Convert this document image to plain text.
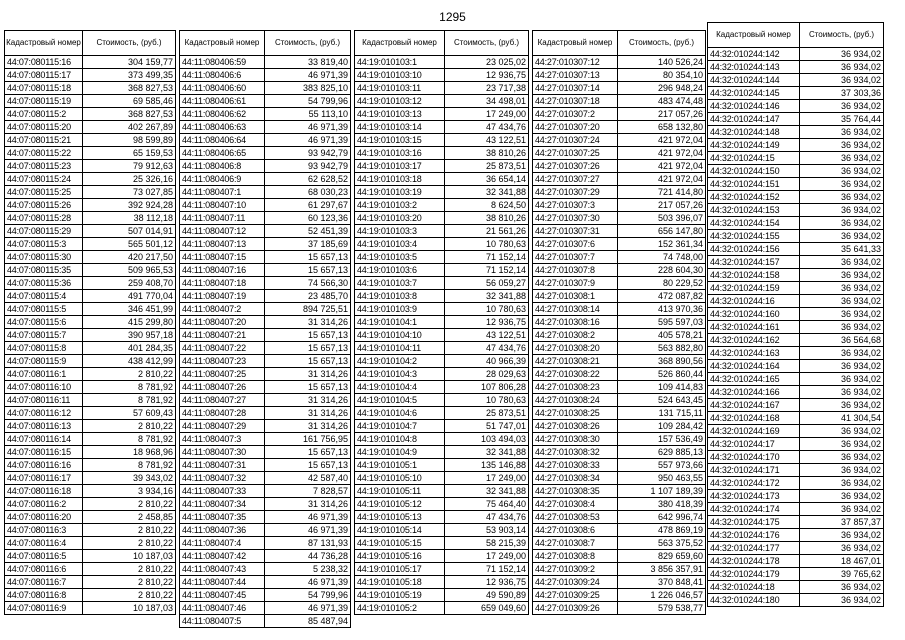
1295
Кадастровый номер	Стоимость, (руб.)
44:07:080115:16	304 159,77
44:07:080115:17	373 499,35
44:07:080115:18	368 827,53
44:07:080115:19	69 585,46
44:07:080115:2	368 827,53
44:07:080115:20	402 267,89
44:07:080115:21	98 599,89
44:07:080115:22	65 159,53
44:07:080115:23	79 912,63
44:07:080115:24	25 326,16
44:07:080115:25	73 027,85
44:07:080115:26	392 924,28
44:07:080115:28	38 112,18
44:07:080115:29	507 014,91
44:07:080115:3	565 501,12
44:07:080115:30	420 217,50
44:07:080115:35	509 965,53
44:07:080115:36	259 408,70
44:07:080115:4	491 770,04
44:07:080115:5	346 451,99
44:07:080115:6	415 299,80
44:07:080115:7	390 957,18
44:07:080115:8	401 284,35
44:07:080115:9	438 412,99
44:07:080116:1	2 810,22
44:07:080116:10	8 781,92
44:07:080116:11	8 781,92
44:07:080116:12	57 609,43
44:07:080116:13	2 810,22
44:07:080116:14	8 781,92
44:07:080116:15	18 968,96
44:07:080116:16	8 781,92
44:07:080116:17	39 343,02
44:07:080116:18	3 934,16
44:07:080116:2	2 810,22
44:07:080116:20	2 458,85
44:07:080116:3	2 810,22
44:07:080116:4	2 810,22
44:07:080116:5	10 187,03
44:07:080116:6	2 810,22
44:07:080116:7	2 810,22
44:07:080116:8	2 810,22
44:07:080116:9	10 187,03
Кадастровый номер	Стоимость, (руб.)
44:11:080406:59	33 819,40
44:11:080406:6	46 971,39
44:11:080406:60	383 825,10
44:11:080406:61	54 799,96
44:11:080406:62	55 113,10
44:11:080406:63	46 971,39
44:11:080406:64	46 971,39
44:11:080406:65	93 942,79
44:11:080406:8	93 942,79
44:11:080406:9	62 628,52
44:11:080407:1	68 030,23
44:11:080407:10	61 297,67
44:11:080407:11	60 123,36
44:11:080407:12	52 451,39
44:11:080407:13	37 185,69
44:11:080407:15	15 657,13
44:11:080407:16	15 657,13
44:11:080407:18	74 566,30
44:11:080407:19	23 485,70
44:11:080407:2	894 725,51
44:11:080407:20	31 314,26
44:11:080407:21	15 657,13
44:11:080407:22	15 657,13
44:11:080407:23	15 657,13
44:11:080407:25	31 314,26
44:11:080407:26	15 657,13
44:11:080407:27	31 314,26
44:11:080407:28	31 314,26
44:11:080407:29	31 314,26
44:11:080407:3	161 756,95
44:11:080407:30	15 657,13
44:11:080407:31	15 657,13
44:11:080407:32	42 587,40
44:11:080407:33	7 828,57
44:11:080407:34	31 314,26
44:11:080407:35	46 971,39
44:11:080407:36	46 971,39
44:11:080407:4	87 131,93
44:11:080407:42	44 736,28
44:11:080407:43	5 238,32
44:11:080407:44	46 971,39
44:11:080407:45	54 799,96
44:11:080407:46	46 971,39
44:11:080407:5	85 487,94
Кадастровый номер	Стоимость, (руб.)
44:19:010103:1	23 025,02
44:19:010103:10	12 936,75
44:19:010103:11	23 717,38
44:19:010103:12	34 498,01
44:19:010103:13	17 249,00
44:19:010103:14	47 434,76
44:19:010103:15	43 122,51
44:19:010103:16	38 810,26
44:19:010103:17	25 873,51
44:19:010103:18	36 654,14
44:19:010103:19	32 341,88
44:19:010103:2	8 624,50
44:19:010103:20	38 810,26
44:19:010103:3	21 561,26
44:19:010103:4	10 780,63
44:19:010103:5	71 152,14
44:19:010103:6	71 152,14
44:19:010103:7	56 059,27
44:19:010103:8	32 341,88
44:19:010103:9	10 780,63
44:19:010104:1	12 936,75
44:19:010104:10	43 122,51
44:19:010104:11	47 434,76
44:19:010104:2	40 966,39
44:19:010104:3	28 029,63
44:19:010104:4	107 806,28
44:19:010104:5	10 780,63
44:19:010104:6	25 873,51
44:19:010104:7	51 747,01
44:19:010104:8	103 494,03
44:19:010104:9	32 341,88
44:19:010105:1	135 146,88
44:19:010105:10	17 249,00
44:19:010105:11	32 341,88
44:19:010105:12	75 464,40
44:19:010105:13	47 434,76
44:19:010105:14	53 903,14
44:19:010105:15	58 215,39
44:19:010105:16	17 249,00
44:19:010105:17	71 152,14
44:19:010105:18	12 936,75
44:19:010105:19	49 590,89
44:19:010105:2	659 049,60
Кадастровый номер	Стоимость, (руб.)
44:27:010307:12	140 526,24
44:27:010307:13	80 354,10
44:27:010307:14	296 948,24
44:27:010307:18	483 474,48
44:27:010307:2	217 057,26
44:27:010307:20	658 132,80
44:27:010307:24	421 972,04
44:27:010307:25	421 972,04
44:27:010307:26	421 972,04
44:27:010307:27	421 972,04
44:27:010307:29	721 414,80
44:27:010307:3	217 057,26
44:27:010307:30	503 396,07
44:27:010307:31	656 147,80
44:27:010307:6	152 361,34
44:27:010307:7	74 748,00
44:27:010307:8	228 604,30
44:27:010307:9	80 229,52
44:27:010308:1	472 087,82
44:27:010308:14	413 970,36
44:27:010308:16	595 597,03
44:27:010308:2	405 578,21
44:27:010308:20	563 882,80
44:27:010308:21	368 890,56
44:27:010308:22	526 860,44
44:27:010308:23	109 414,83
44:27:010308:24	524 643,45
44:27:010308:25	131 715,11
44:27:010308:26	109 284,42
44:27:010308:30	157 536,49
44:27:010308:32	629 885,13
44:27:010308:33	557 973,66
44:27:010308:34	950 463,55
44:27:010308:35	1 107 189,39
44:27:010308:4	380 418,39
44:27:010308:53	642 996,74
44:27:010308:6	478 869,19
44:27:010308:7	563 375,52
44:27:010308:8	829 659,60
44:27:010309:2	3 856 357,91
44:27:010309:24	370 848,41
44:27:010309:25	1 226 046,57
44:27:010309:26	579 538,77
Кадастровый номер	Стоимость, (руб.)
44:32:010244:142	36 934,02
44:32:010244:143	36 934,02
44:32:010244:144	36 934,02
44:32:010244:145	37 303,36
44:32:010244:146	36 934,02
44:32:010244:147	35 764,44
44:32:010244:148	36 934,02
44:32:010244:149	36 934,02
44:32:010244:15	36 934,02
44:32:010244:150	36 934,02
44:32:010244:151	36 934,02
44:32:010244:152	36 934,02
44:32:010244:153	36 934,02
44:32:010244:154	36 934,02
44:32:010244:155	36 934,02
44:32:010244:156	35 641,33
44:32:010244:157	36 934,02
44:32:010244:158	36 934,02
44:32:010244:159	36 934,02
44:32:010244:16	36 934,02
44:32:010244:160	36 934,02
44:32:010244:161	36 934,02
44:32:010244:162	36 564,68
44:32:010244:163	36 934,02
44:32:010244:164	36 934,02
44:32:010244:165	36 934,02
44:32:010244:166	36 934,02
44:32:010244:167	36 934,02
44:32:010244:168	41 304,54
44:32:010244:169	36 934,02
44:32:010244:17	36 934,02
44:32:010244:170	36 934,02
44:32:010244:171	36 934,02
44:32:010244:172	36 934,02
44:32:010244:173	36 934,02
44:32:010244:174	36 934,02
44:32:010244:175	37 857,37
44:32:010244:176	36 934,02
44:32:010244:177	36 934,02
44:32:010244:178	18 467,01
44:32:010244:179	39 765,62
44:32:010244:18	36 934,02
44:32:010244:180	36 934,02
